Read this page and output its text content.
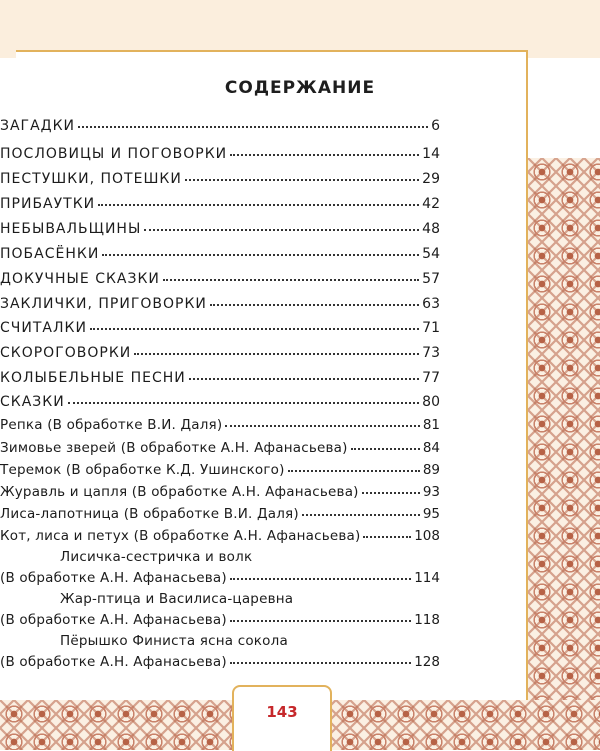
СОДЕРЖАНИЕ
ЗАГАДКИ	6
ПОСЛОВИЦЫ И ПОГОВОРКИ	14
ПЕСТУШКИ, ПОТЕШКИ	29
ПРИБАУТКИ	42
НЕБЫВАЛЬЩИНЫ	48
ПОБАСЁНКИ	54
ДОКУЧНЫЕ СКАЗКИ	57
ЗАКЛИЧКИ, ПРИГОВОРКИ	63
СЧИТАЛКИ	71
СКОРОГОВОРКИ	73
КОЛЫБЕЛЬНЫЕ ПЕСНИ	77
СКАЗКИ	80
Репка (В обработке В.И. Даля)	81
Зимовье зверей (В обработке А.Н. Афанасьева)	84
Теремок (В обработке К.Д. Ушинского)	89
Журавль и цапля (В обработке А.Н. Афанасьева)	93
Лиса-лапотница (В обработке В.И. Даля)	95
Кот, лиса и петух (В обработке А.Н. Афанасьева)	108
Лисичка-сестричка и волк
(В обработке А.Н. Афанасьева)	114
Жар-птица и Василиса-царевна
(В обработке А.Н. Афанасьева)	118
Пёрышко Финиста ясна сокола
(В обработке А.Н. Афанасьева)	128
143
